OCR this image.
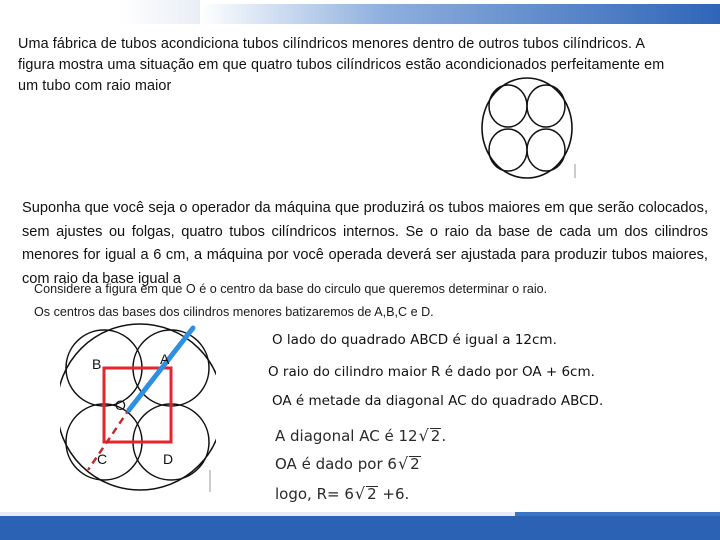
Uma fábrica de tubos acondiciona tubos cilíndricos menores dentro de outros tubos cilíndricos. A figura mostra uma situação em que quatro tubos cilíndricos estão acondicionados perfeitamente em um tubo com raio maior

Suponha que você seja o operador da máquina que produzirá os tubos maiores em que serão colocados, sem ajustes ou folgas, quatro tubos cilíndricos internos. Se o raio da base de cada um dos cilindros menores for igual a 6 cm, a máquina por você operada deverá ser ajustada para produzir tubos maiores, com raio da base igual a

Considere a figura em que O é o centro da base do circulo que queremos determinar o raio.
Os centros das bases dos cilindros menores batizaremos de A,B,C e D.
B	A
O
C	D
O lado do quadrado ABCD é igual a 12cm.
O raio do cilindro maior R é dado por OA + 6cm.
OA é metade da diagonal AC do quadrado ABCD.
A diagonal AC é 12√ 2.
OA é dado por 6√ 2
logo, R= 6√ 2 +6.
